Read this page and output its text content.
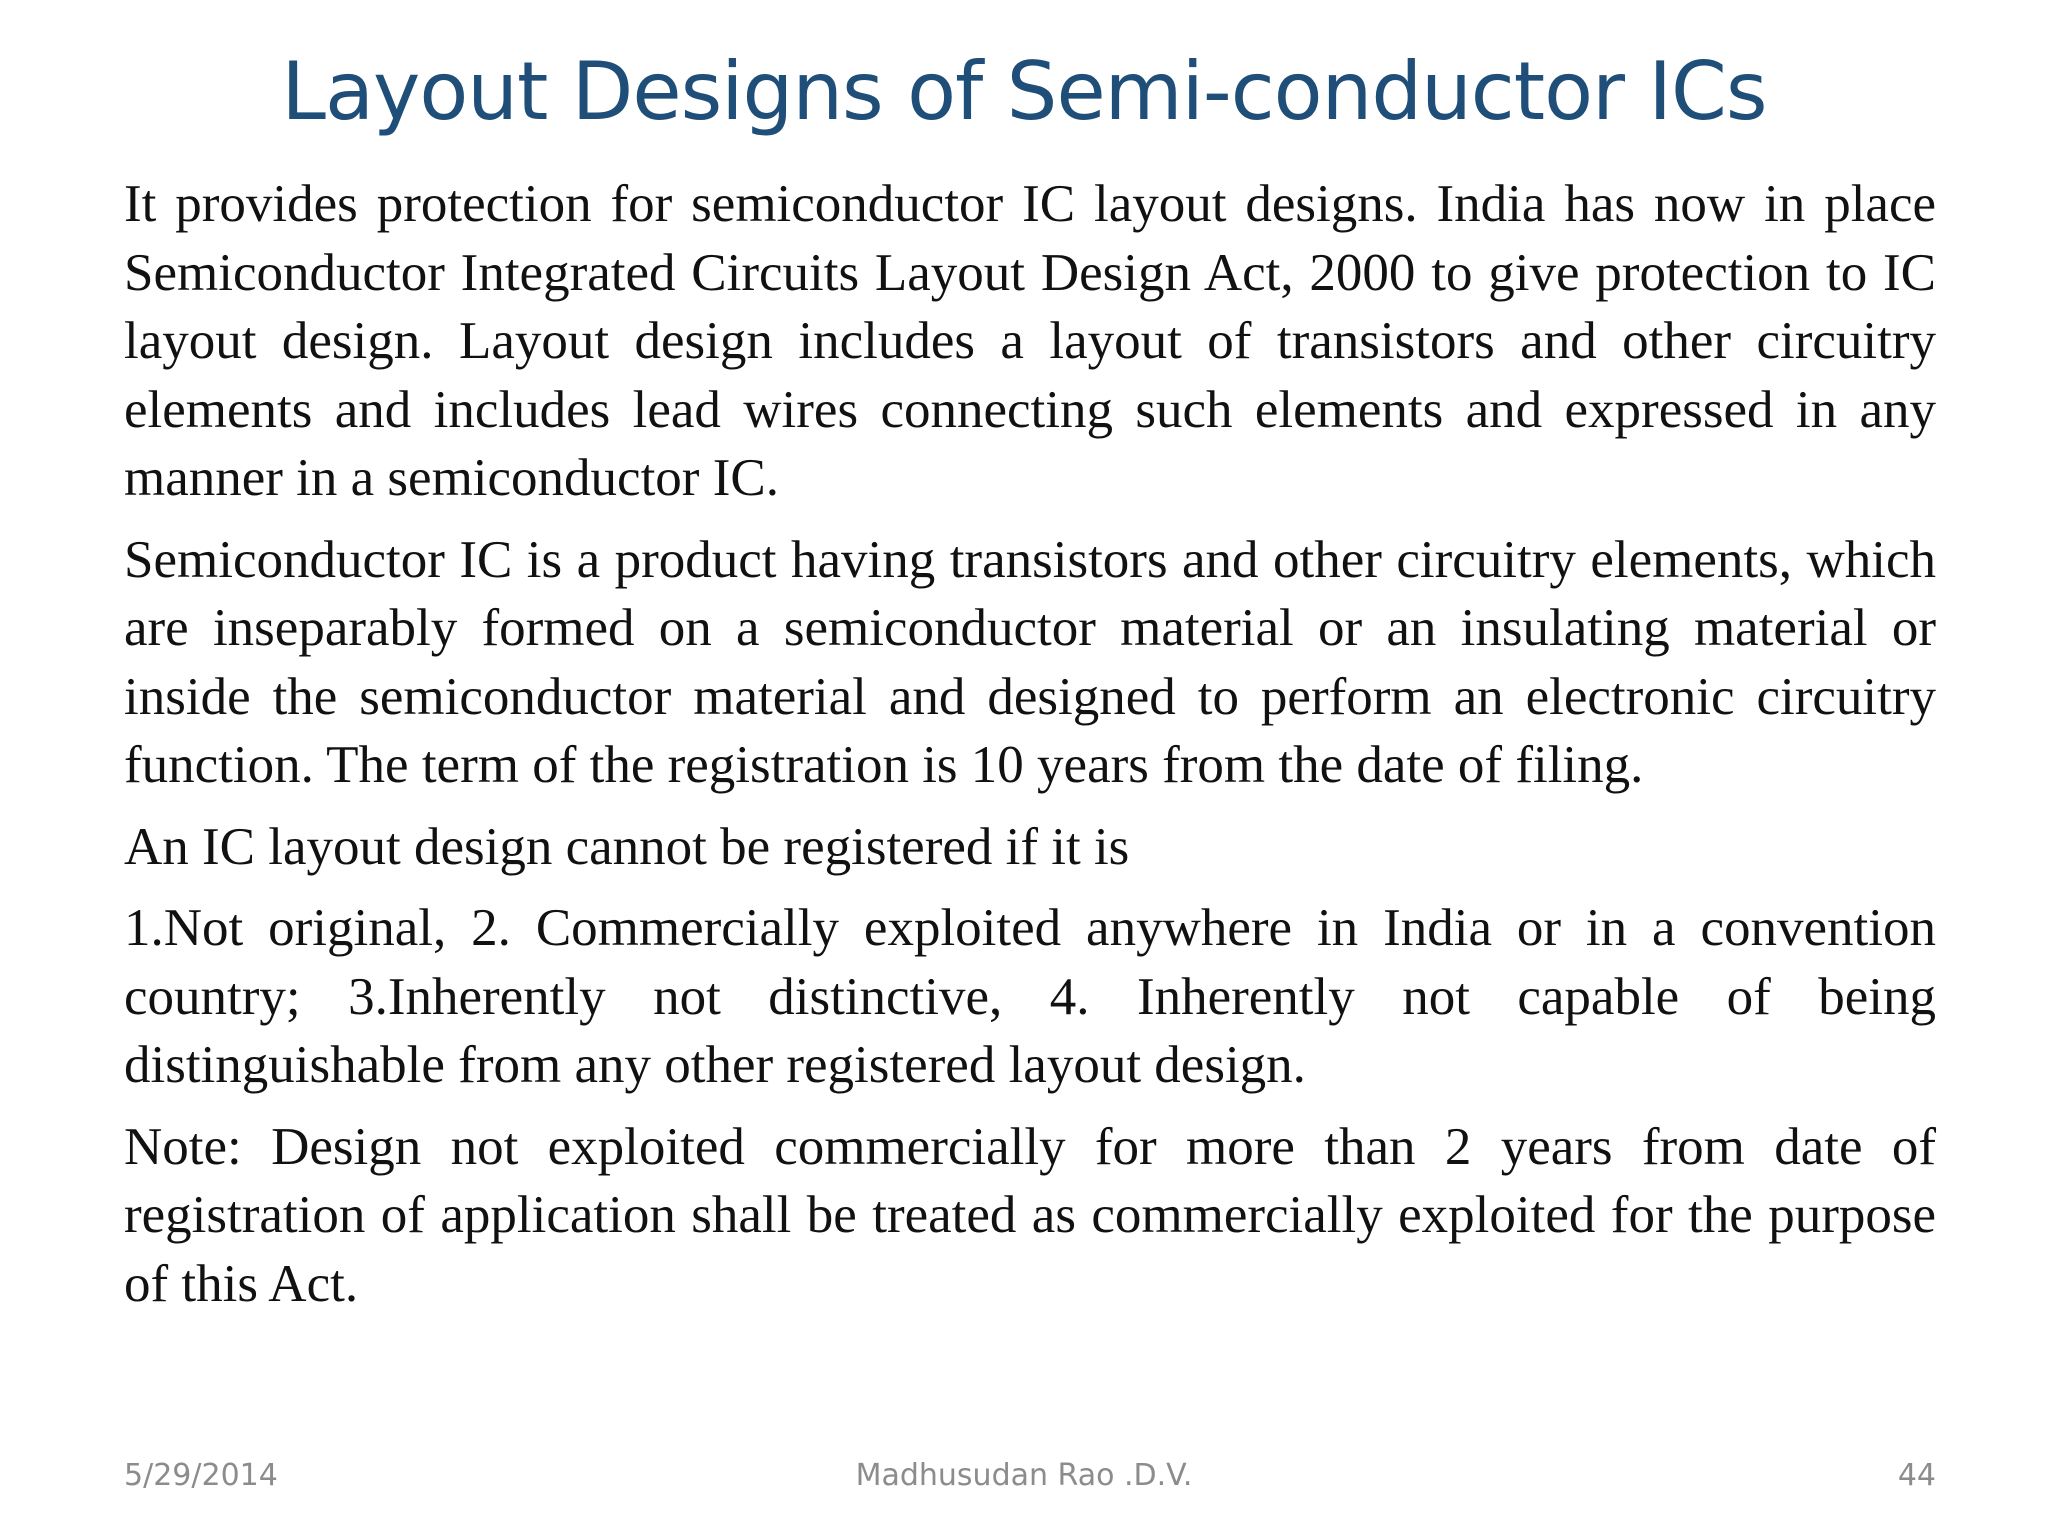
Layout Designs of Semi-conductor ICs

It provides protection for semiconductor IC layout designs. India has now in place Semiconductor Integrated Circuits Layout Design Act, 2000 to give protection to IC layout design. Layout design includes a layout of transistors and other circuitry elements and includes lead wires connecting such elements and expressed in any manner in a semiconductor IC.

Semiconductor IC is a product having transistors and other circuitry elements, which are inseparably formed on a semiconductor material or an insulating material or inside the semiconductor material and designed to perform an electronic circuitry function. The term of the registration is 10 years from the date of filing.

An IC layout design cannot be registered if it is

1.Not original, 2. Commercially exploited anywhere in India or in a convention country; 3.Inherently not distinctive, 4. Inherently not capable of being distinguishable from any other registered layout design.

Note: Design not exploited commercially for more than 2 years from date of registration of application shall be treated as commercially exploited for the purpose of this Act.

5/29/2014	Madhusudan Rao .D.V.	44
